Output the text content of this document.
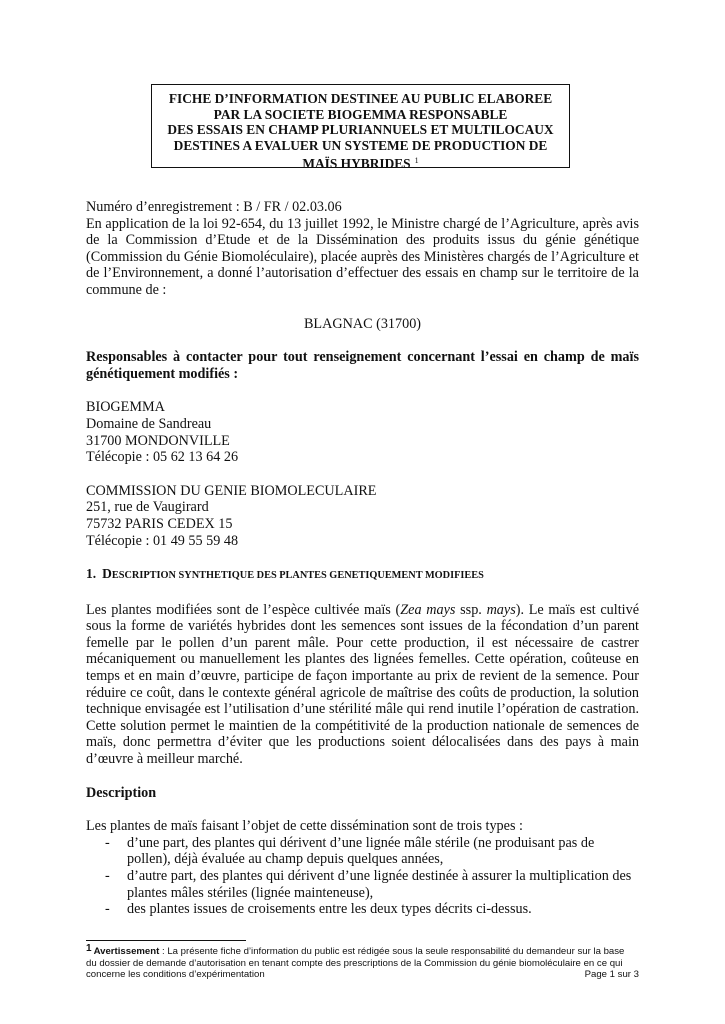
FICHE D’INFORMATION DESTINEE AU PUBLIC ELABOREE
PAR LA SOCIETE BIOGEMMA RESPONSABLE
DES ESSAIS EN CHAMP PLURIANNUELS ET MULTILOCAUX
DESTINES A EVALUER UN SYSTEME DE PRODUCTION DE
MAÏS HYBRIDES $^1$

Numéro d’enregistrement : B / FR / 02.03.06

En application de la loi 92-654, du 13 juillet 1992, le Ministre chargé de l’Agriculture, après avis de la Commission d’Etude et de la Dissémination des produits issus du génie génétique (Commission du Génie Biomoléculaire), placée auprès des Ministères chargés de l’Agriculture et de l’Environnement, a donné l’autorisation d’effectuer des essais en champ sur le territoire de la commune de :

BLAGNAC (31700)

Responsables à contacter pour tout renseignement concernant l’essai en champ de maïs génétiquement modifiés :

BIOGEMMA

Domaine de Sandreau

31700 MONDONVILLE

Télécopie : 05 62 13 64 26

COMMISSION DU GENIE BIOMOLECULAIRE

251, rue de Vaugirard

75732 PARIS CEDEX 15

Télécopie : 01 49 55 59 48

1. DESCRIPTION SYNTHETIQUE DES PLANTES GENETIQUEMENT MODIFIEES

Les plantes modifiées sont de l’espèce cultivée maïs (Zea mays ssp. mays). Le maïs est cultivé sous la forme de variétés hybrides dont les semences sont issues de la fécondation d’un parent femelle par le pollen d’un parent mâle. Pour cette production, il est nécessaire de castrer mécaniquement ou manuellement les plantes des lignées femelles. Cette opération, coûteuse en temps et en main d’œuvre, participe de façon importante au prix de revient de la semence. Pour réduire ce coût, dans le contexte général agricole de maîtrise des coûts de production, la solution technique envisagée est l’utilisation d’une stérilité mâle qui rend inutile l’opération de castration. Cette solution permet le maintien de la compétitivité de la production nationale de semences de maïs, donc permettra d’éviter que les productions soient délocalisées dans des pays à main d’œuvre à meilleur marché.

Description

Les plantes de maïs faisant l’objet de cette dissémination sont de trois types :

- d’une part, des plantes qui dérivent d’une lignée mâle stérile (ne produisant pas de pollen), déjà évaluée au champ depuis quelques années,
- d’autre part, des plantes qui dérivent d’une lignée destinée à assurer la multiplication des plantes mâles stériles (lignée mainteneuse),
- des plantes issues de croisements entre les deux types décrits ci-dessus.
1 Avertissement : La présente fiche d’information du public est rédigée sous la seule responsabilité du demandeur sur la base
du dossier de demande d’autorisation en tenant compte des prescriptions de la Commission du génie biomoléculaire en ce qui
concerne les conditions d’expérimentation	Page 1 sur 3
